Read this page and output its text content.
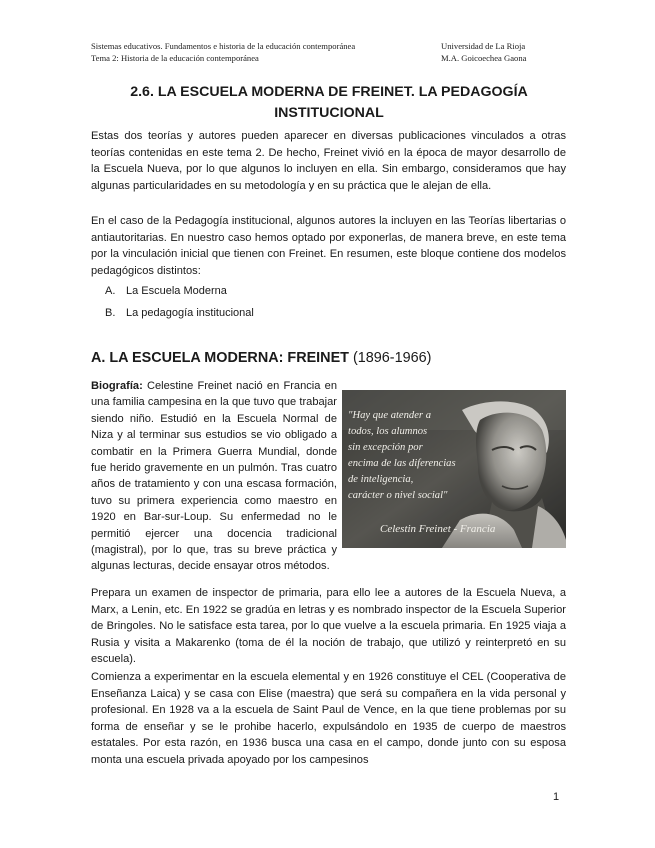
Sistemas educativos. Fundamentos e historia de la educación contemporánea
Tema 2: Historia de la educación contemporánea
Universidad de La Rioja
M.A. Goicoechea Gaona
2.6. LA ESCUELA MODERNA DE FREINET. LA PEDAGOGÍA
INSTITUCIONAL

Estas dos teorías y autores pueden aparecer en diversas publicaciones vinculados a otras teorías contenidas en este tema 2. De hecho, Freinet vivió en la época de mayor desarrollo de la Escuela Nueva, por lo que algunos lo incluyen en ella. Sin embargo, consideramos que hay algunas particularidades en su metodología y en su práctica que le alejan de ella.

En el caso de la Pedagogía institucional, algunos autores la incluyen en las Teorías libertarias o antiautoritarias. En nuestro caso hemos optado por exponerlas, de manera breve, en este tema por la vinculación inicial que tienen con Freinet. En resumen, este bloque contiene dos modelos pedagógicos distintos:

A. La Escuela Moderna
B. La pedagogía institucional
A. LA ESCUELA MODERNA: FREINET (1896-1966)

Biografía: Celestine Freinet nació en Francia en una familia campesina en la que tuvo que trabajar siendo niño. Estudió en la Escuela Normal de Niza y al terminar sus estudios se vio obligado a combatir en la Primera Guerra Mundial, donde fue herido gravemente en un pulmón. Tras cuatro años de tratamiento y con una escasa formación, tuvo su primera experiencia como maestro en 1920 en Bar-sur-Loup. Su enfermedad no le permitió ejercer una docencia tradicional (magistral), por lo que, tras su breve práctica y algunas lecturas, decide ensayar otros métodos.

"Hay que atender a
todos, los alumnos
sin excepción por
encima de las diferencias
de inteligencia,
carácter o nivel social"
Celestin Freinet - Francia

Prepara un examen de inspector de primaria, para ello lee a autores de la Escuela Nueva, a Marx, a Lenin, etc. En 1922 se gradúa en letras y es nombrado inspector de la Escuela Superior de Bringoles. No le satisface esta tarea, por lo que vuelve a la escuela primaria. En 1925 viaja a Rusia y visita a Makarenko (toma de él la noción de trabajo, que utilizó y reinterpretó en su escuela).

Comienza a experimentar en la escuela elemental y en 1926 constituye el CEL (Cooperativa de Enseñanza Laica) y se casa con Elise (maestra) que será su compañera en la vida personal y profesional. En 1928 va a la escuela de Saint Paul de Vence, en la que tiene problemas por su forma de enseñar y se le prohibe hacerlo, expulsándolo en 1935 de cuerpo de maestros estatales. Por esta razón, en 1936 busca una casa en el campo, donde junto con su esposa monta una escuela privada apoyado por los campesinos

1
